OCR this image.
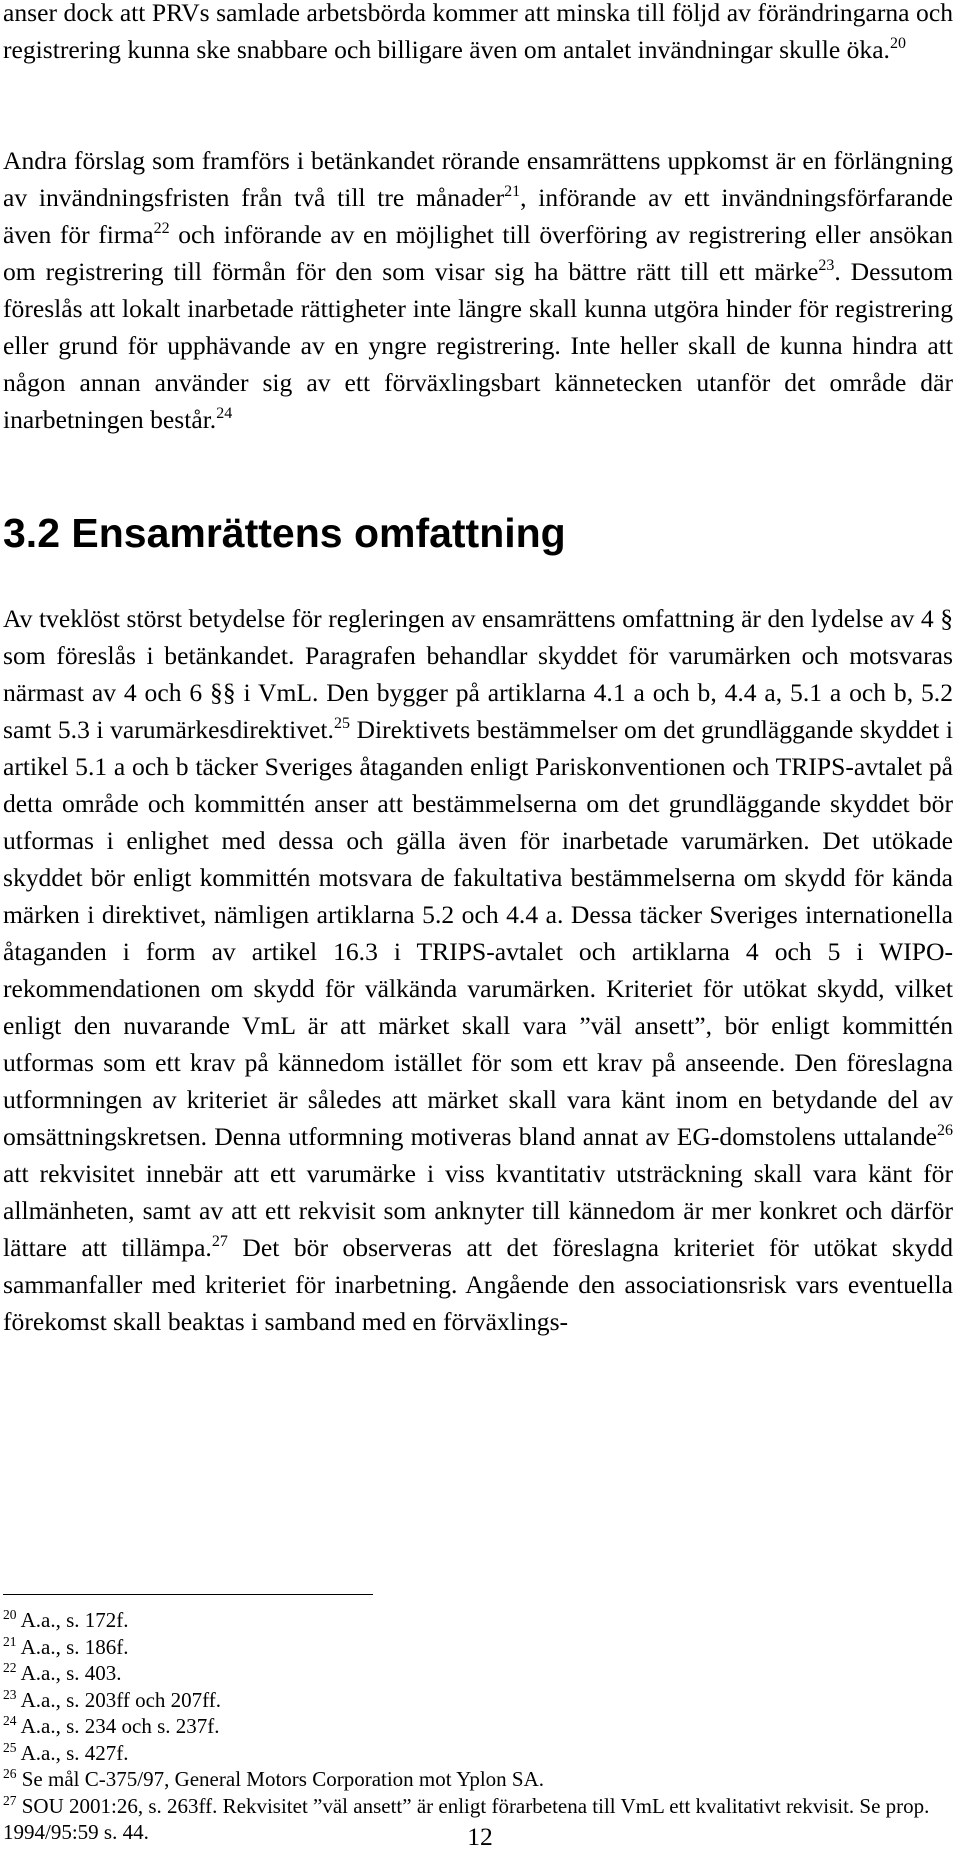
anser dock att PRVs samlade arbetsbörda kommer att minska till följd av förändringarna och registrering kunna ske snabbare och billigare även om antalet invändningar skulle öka.$^{20}$

Andra förslag som framförs i betänkandet rörande ensamrättens uppkomst är en förlängning av invändningsfristen från två till tre månader$^{21}$, införande av ett invändningsförfarande även för firma$^{22}$ och införande av en möjlighet till överföring av registrering eller ansökan om registrering till förmån för den som visar sig ha bättre rätt till ett märke$^{23}$. Dessutom föreslås att lokalt inarbetade rättigheter inte längre skall kunna utgöra hinder för registrering eller grund för upphävande av en yngre registrering. Inte heller skall de kunna hindra att någon annan använder sig av ett förväxlingsbart kännetecken utanför det område där inarbetningen består.$^{24}$

3.2 Ensamrättens omfattning

Av tveklöst störst betydelse för regleringen av ensamrättens omfattning är den lydelse av 4 § som föreslås i betänkandet. Paragrafen behandlar skyddet för varumärken och motsvaras närmast av 4 och 6 §§ i VmL. Den bygger på artiklarna 4.1 a och b, 4.4 a, 5.1 a och b, 5.2 samt 5.3 i varumärkesdirektivet.$^{25}$ Direktivets bestämmelser om det grundläggande skyddet i artikel 5.1 a och b täcker Sveriges åtaganden enligt Pariskonventionen och TRIPS-avtalet på detta område och kommittén anser att bestämmelserna om det grundläggande skyddet bör utformas i enlighet med dessa och gälla även för inarbetade varumärken. Det utökade skyddet bör enligt kommittén motsvara de fakultativa bestämmelserna om skydd för kända märken i direktivet, nämligen artiklarna 5.2 och 4.4 a. Dessa täcker Sveriges internationella åtaganden i form av artikel 16.3 i TRIPS-avtalet och artiklarna 4 och 5 i WIPO-rekommendationen om skydd för välkända varumärken. Kriteriet för utökat skydd, vilket enligt den nuvarande VmL är att märket skall vara ”väl ansett”, bör enligt kommittén utformas som ett krav på kännedom istället för som ett krav på anseende. Den föreslagna utformningen av kriteriet är således att märket skall vara känt inom en betydande del av omsättningskretsen. Denna utformning motiveras bland annat av EG-domstolens uttalande$^{26}$ att rekvisitet innebär att ett varumärke i viss kvantitativ utsträckning skall vara känt för allmänheten, samt av att ett rekvisit som anknyter till kännedom är mer konkret och därför lättare att tillämpa.$^{27}$ Det bör observeras att det föreslagna kriteriet för utökat skydd sammanfaller med kriteriet för inarbetning. Angående den associationsrisk vars eventuella förekomst skall beaktas i samband med en förväxlings-

$^{20}$ A.a., s. 172f.
$^{21}$ A.a., s. 186f.
$^{22}$ A.a., s. 403.
$^{23}$ A.a., s. 203ff och 207ff.
$^{24}$ A.a., s. 234 och s. 237f.
$^{25}$ A.a., s. 427f.
$^{26}$ Se mål C-375/97, General Motors Corporation mot Yplon SA.
$^{27}$ SOU 2001:26, s. 263ff. Rekvisitet ”väl ansett” är enligt förarbetena till VmL ett kvalitativt rekvisit. Se prop. 1994/95:59 s. 44.	12
